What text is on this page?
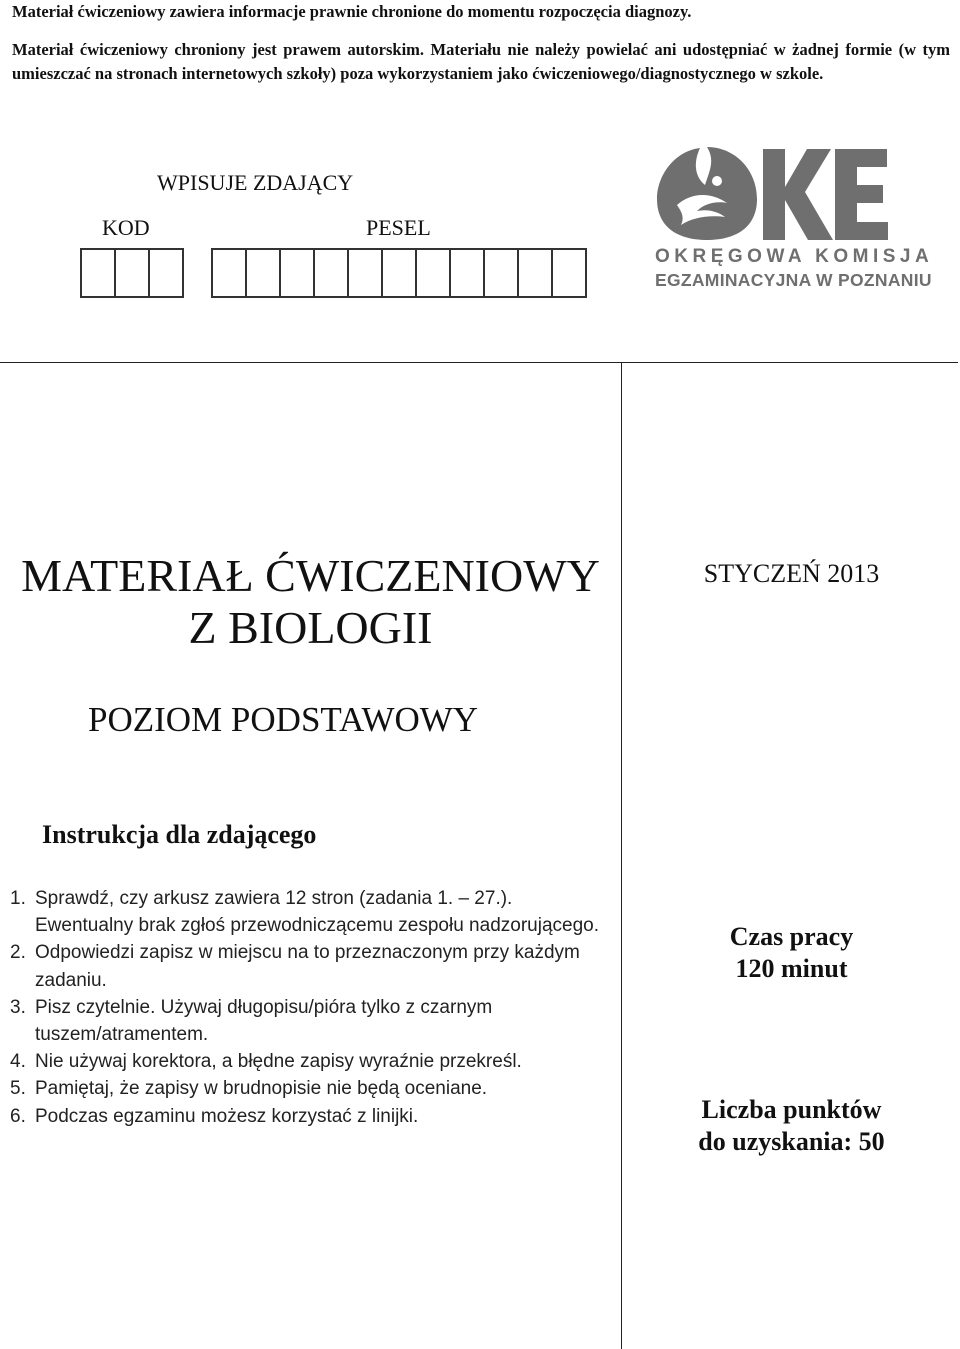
Materiał ćwiczeniowy zawiera informacje prawnie chronione do momentu rozpoczęcia diagnozy.
Materiał ćwiczeniowy chroniony jest prawem autorskim. Materiału nie należy powielać ani udostępniać w żadnej formie (w tym umieszczać na stronach internetowych szkoły) poza wykorzystaniem jako ćwiczeniowego/diagnostycznego w szkole.
WPISUJE ZDAJĄCY
KOD	PESEL
OKRĘGOWA KOMISJA
EGZAMINACYJNA W POZNANIU
MATERIAŁ ĆWICZENIOWY
Z BIOLOGII
STYCZEŃ 2013
POZIOM PODSTAWOWY
Instrukcja dla zdającego
1. Sprawdź, czy arkusz zawiera 12 stron (zadania 1. – 27.). Ewentualny brak zgłoś przewodniczącemu zespołu nadzorującego.
2. Odpowiedzi zapisz w miejscu na to przeznaczonym przy każdym zadaniu.
3. Pisz czytelnie. Używaj długopisu/pióra tylko z czarnym tuszem/atramentem.
4. Nie używaj korektora, a błędne zapisy wyraźnie przekreśl.
5. Pamiętaj, że zapisy w brudnopisie nie będą oceniane.
6. Podczas egzaminu możesz korzystać z linijki.
Czas pracy
120 minut
Liczba punktów
do uzyskania: 50
